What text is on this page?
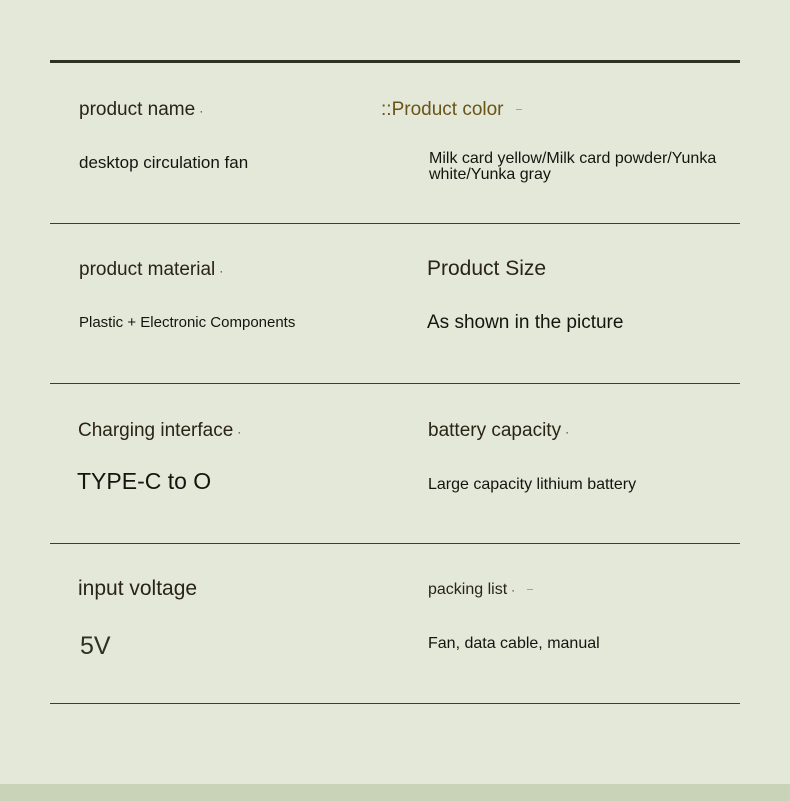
product name ·	::Product color
desktop circulation fan	Milk card yellow/Milk card powder/Yunka white/Yunka gray
product material ·	Product Size
Plastic + Electronic Components	As shown in the picture
Charging interface ·	battery capacity ·
TYPE-C to O	Large capacity lithium battery
input voltage	packing list ·
5V	Fan, data cable, manual
